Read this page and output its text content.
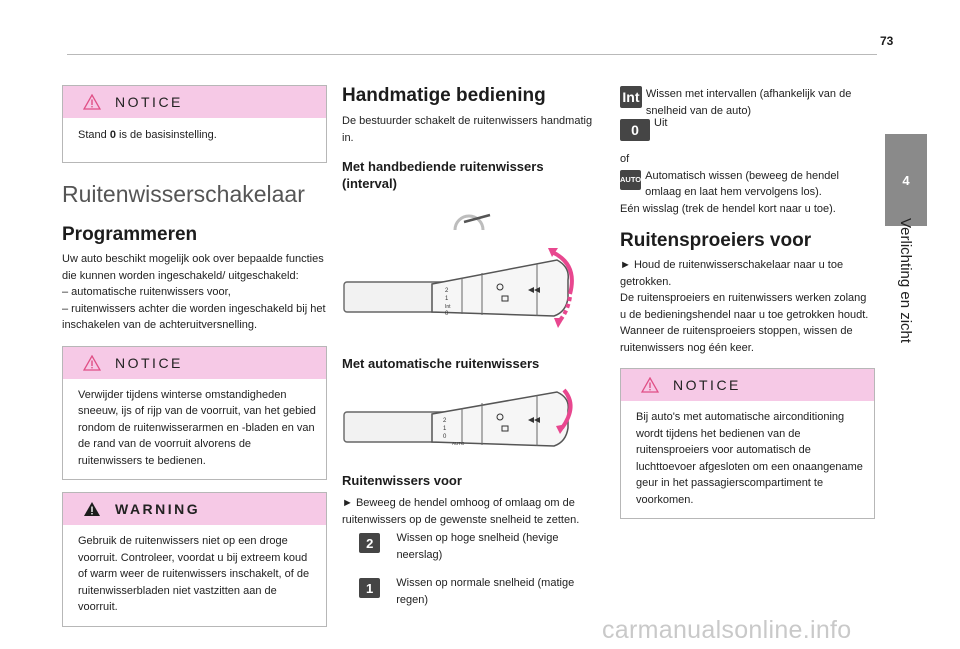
73
4
Verlichting en zicht
NOTICE
Stand 0 is de basisinstelling.
Ruitenwisserschakelaar
Programmeren
Uw auto beschikt mogelijk ook over bepaalde functies die kunnen worden ingeschakeld/ uitgeschakeld:
– automatische ruitenwissers voor,
– ruitenwissers achter die worden ingeschakeld bij het inschakelen van de achteruitversnelling.
NOTICE
Verwijder tijdens winterse omstandigheden sneeuw, ijs of rijp van de voorruit, van het gebied rondom de ruitenwisserarmen en -bladen en van de rand van de voorruit alvorens de ruitenwissers te bedienen.
WARNING
Gebruik de ruitenwissers niet op een droge voorruit. Controleer, voordat u bij extreem koud of warm weer de ruitenwissers inschakelt, of de ruitenwisserbladen niet vastzitten aan de voorruit.
Handmatige bediening
De bestuurder schakelt de ruitenwissers handmatig in.
Met handbediende ruitenwissers (interval)
2
1
Int
0
Met automatische ruitenwissers
2
1
0
AUTO
Ruitenwissers voor
► Beweeg de hendel omhoog of omlaag om de ruitenwissers op de gewenste snelheid te zetten.
2	Wissen op hoge snelheid (hevige neerslag)
1	Wissen op normale snelheid (matige regen)
Int Wissen met intervallen (afhankelijk van de snelheid van de auto)
0	Uit
of
AUTO Automatisch wissen (beweeg de hendel omlaag en laat hem vervolgens los).
Eén wisslag (trek de hendel kort naar u toe).
Ruitensproeiers voor
► Houd de ruitenwisserschakelaar naar u toe getrokken.
De ruitensproeiers en ruitenwissers werken zolang u de bedieningshendel naar u toe getrokken houdt. Wanneer de ruitensproeiers stoppen, wissen de ruitenwissers nog één keer.
NOTICE
Bij auto's met automatische airconditioning wordt tijdens het bedienen van de ruitensproeiers voor automatisch de luchttoevoer afgesloten om een onaangename geur in het passagierscompartiment te voorkomen.
carmanualsonline.info
